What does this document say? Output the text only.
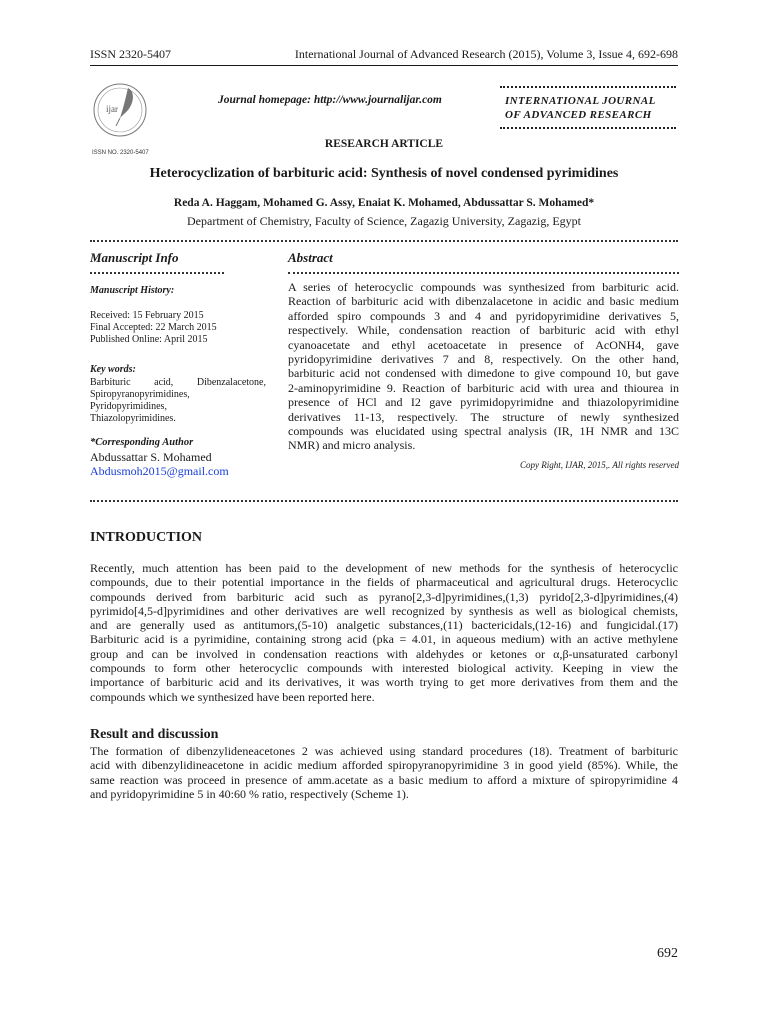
ISSN 2320-5407	International Journal of Advanced Research (2015), Volume 3, Issue 4, 692-698
ijar
ISSN NO. 2320-5407
Journal homepage: http://www.journalijar.com	INTERNATIONAL JOURNAL
OF ADVANCED RESEARCH
RESEARCH ARTICLE
Heterocyclization of barbituric acid: Synthesis of novel condensed pyrimidines
Reda A. Haggam, Mohamed G. Assy, Enaiat K. Mohamed, Abdussattar S. Mohamed*
Department of Chemistry, Faculty of Science, Zagazig University, Zagazig, Egypt
Manuscript Info
Manuscript History:
Received: 15 February 2015
Final Accepted: 22 March 2015
Published Online: April 2015
Key words:
Barbituric acid, Dibenzalacetone,
Spiropyranopyrimidines,
Pyridopyrimidines,
Thiazolopyrimidines.
*Corresponding Author
Abdussattar S. Mohamed
Abdusmoh2015@gmail.com
Abstract
A series of heterocyclic compounds was synthesized from barbituric acid.
Reaction of barbituric acid with dibenzalacetone in acidic and basic medium
afforded spiro compounds 3 and 4 and pyridopyrimidine derivatives 5,
respectively. While, condensation reaction of barbituric acid with ethyl
cyanoacetate and ethyl acetoacetate in presence of AcONH4, gave
pyridopyrimidine derivatives 7 and 8, respectively. On the other hand,
barbituric acid not condensed with dimedone to give compound 10, but gave
2-aminopyrimidine 9. Reaction of barbituric acid with urea and thiourea in
presence of HCl and I2 gave pyrimidopyrimidne and thiazolopyrimidine
derivatives 11-13, respectively. The structure of newly synthesized
compounds was elucidated using spectral analysis (IR, 1H NMR and 13C
NMR) and micro analysis.
Copy Right, IJAR, 2015,. All rights reserved
INTRODUCTION
Recently, much attention has been paid to the development of new methods for the synthesis of heterocyclic
compounds, due to their potential importance in the fields of pharmaceutical and agricultural drugs. Heterocyclic
compounds derived from barbituric acid such as pyrano[2,3-d]pyrimidines,(1,3) pyrido[2,3-d]pyrimidines,(4)
pyrimido[4,5-d]pyrimidines and other derivatives are well recognized by synthesis as well as biological chemists,
and are generally used as antitumors,(5-10) analgetic substances,(11) bactericidals,(12-16) and fungicidal.(17)
Barbituric acid is a pyrimidine, containing strong acid (pka = 4.01, in aqueous medium) with an active methylene
group and can be involved in condensation reactions with aldehydes or ketones or α,β-unsaturated carbonyl
compounds to form other heterocyclic compounds with interested biological activity. Keeping in view the
importance of barbituric acid and its derivatives, it was worth trying to get more derivatives from them and the
compounds which we synthesized have been reported here.
Result and discussion
The formation of dibenzylideneacetones 2 was achieved using standard procedures (18). Treatment of barbituric
acid with dibenzylidineacetone in acidic medium afforded spiropyranopyrimidine 3 in good yield (85%). While, the
same reaction was proceed in presence of amm.acetate as a basic medium to afford a mixture of spiropyrimidine 4
and pyridopyrimidine 5 in 40:60 % ratio, respectively (Scheme 1).
692
